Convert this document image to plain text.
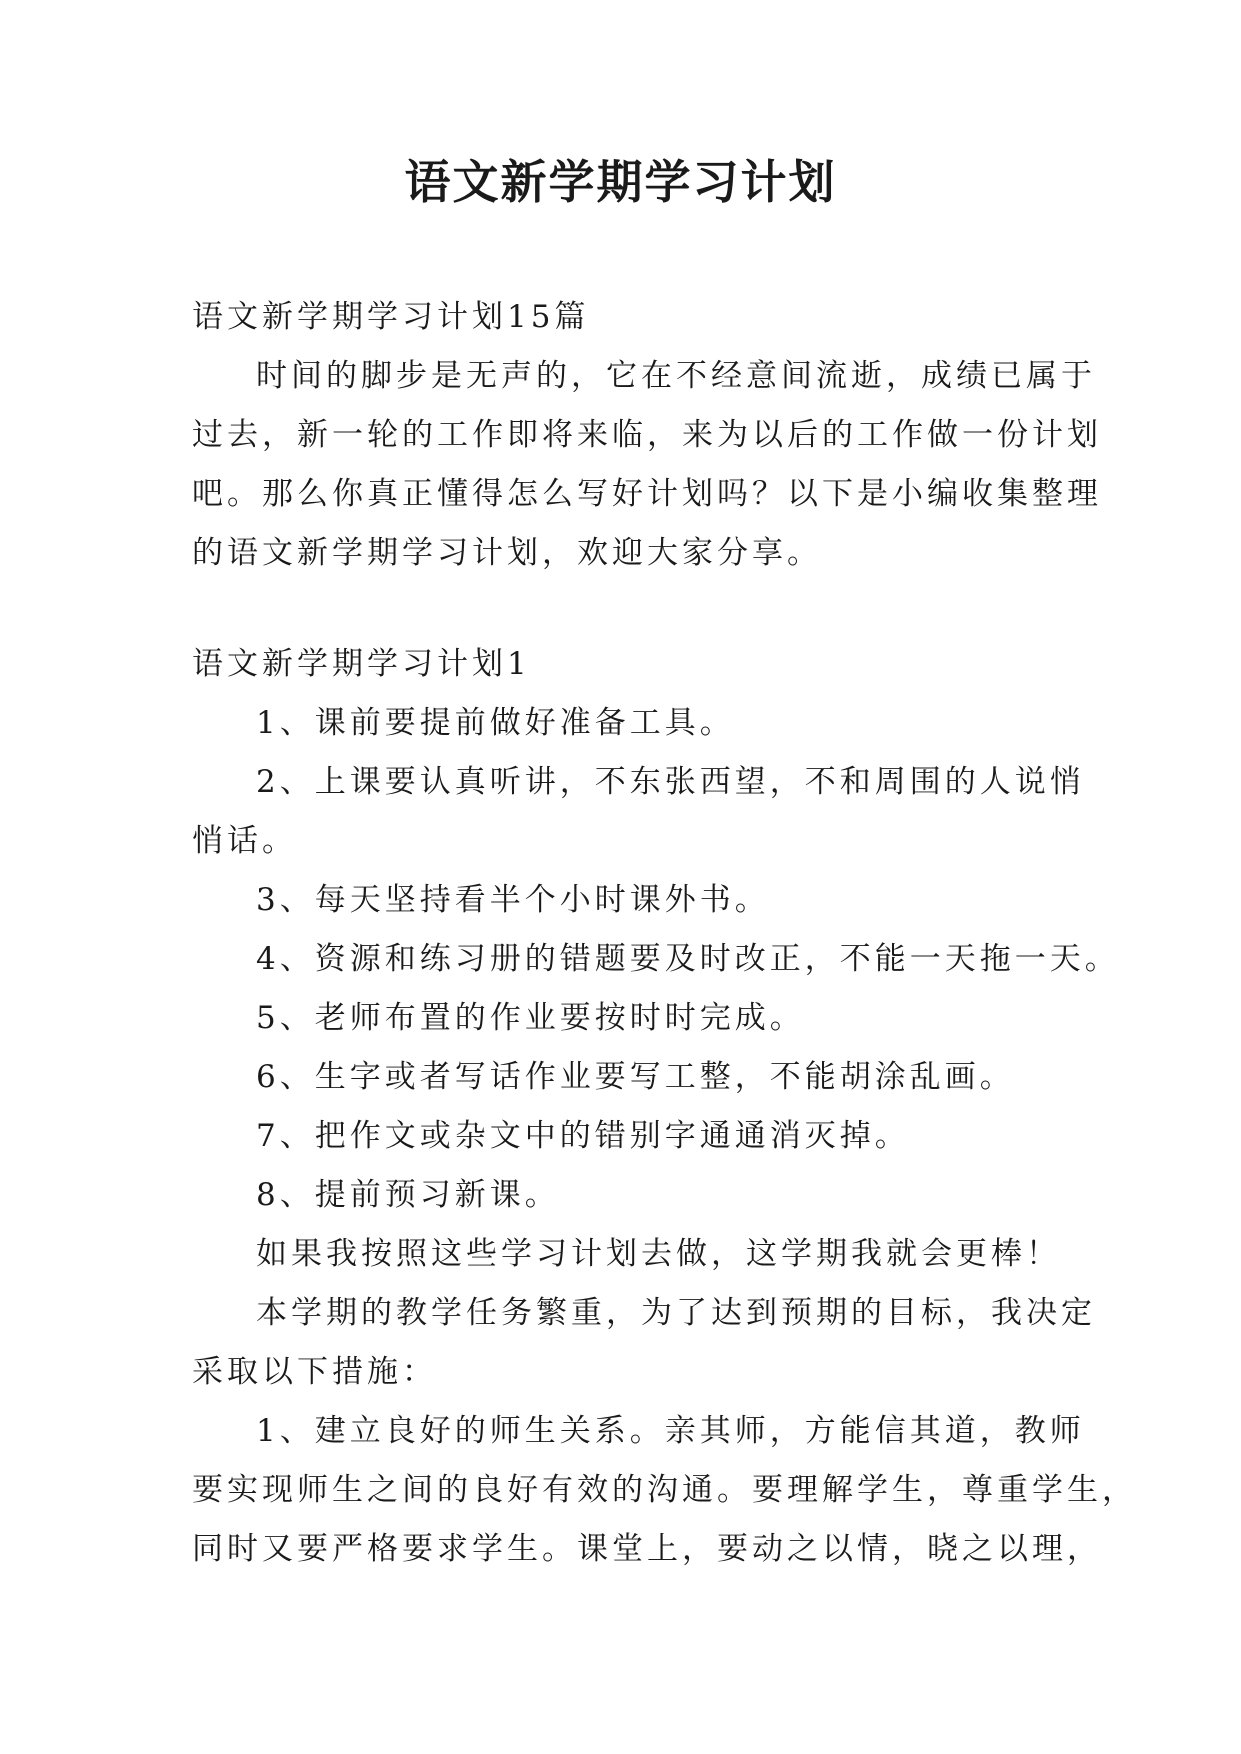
语文新学期学习计划

语文新学期学习计划15篇

时间的脚步是无声的，它在不经意间流逝，成绩已属于

过去，新一轮的工作即将来临，来为以后的工作做一份计划

吧。那么你真正懂得怎么写好计划吗？以下是小编收集整理

的语文新学期学习计划，欢迎大家分享。

语文新学期学习计划1

1、课前要提前做好准备工具。

2、上课要认真听讲，不东张西望，不和周围的人说悄

悄话。

3、每天坚持看半个小时课外书。

4、资源和练习册的错题要及时改正，不能一天拖一天。

5、老师布置的作业要按时时完成。

6、生字或者写话作业要写工整，不能胡涂乱画。

7、把作文或杂文中的错别字通通消灭掉。

8、提前预习新课。

如果我按照这些学习计划去做，这学期我就会更棒！

本学期的教学任务繁重，为了达到预期的目标，我决定

采取以下措施：

1、建立良好的师生关系。亲其师，方能信其道，教师

要实现师生之间的良好有效的沟通。要理解学生，尊重学生，

同时又要严格要求学生。课堂上，要动之以情，晓之以理，
